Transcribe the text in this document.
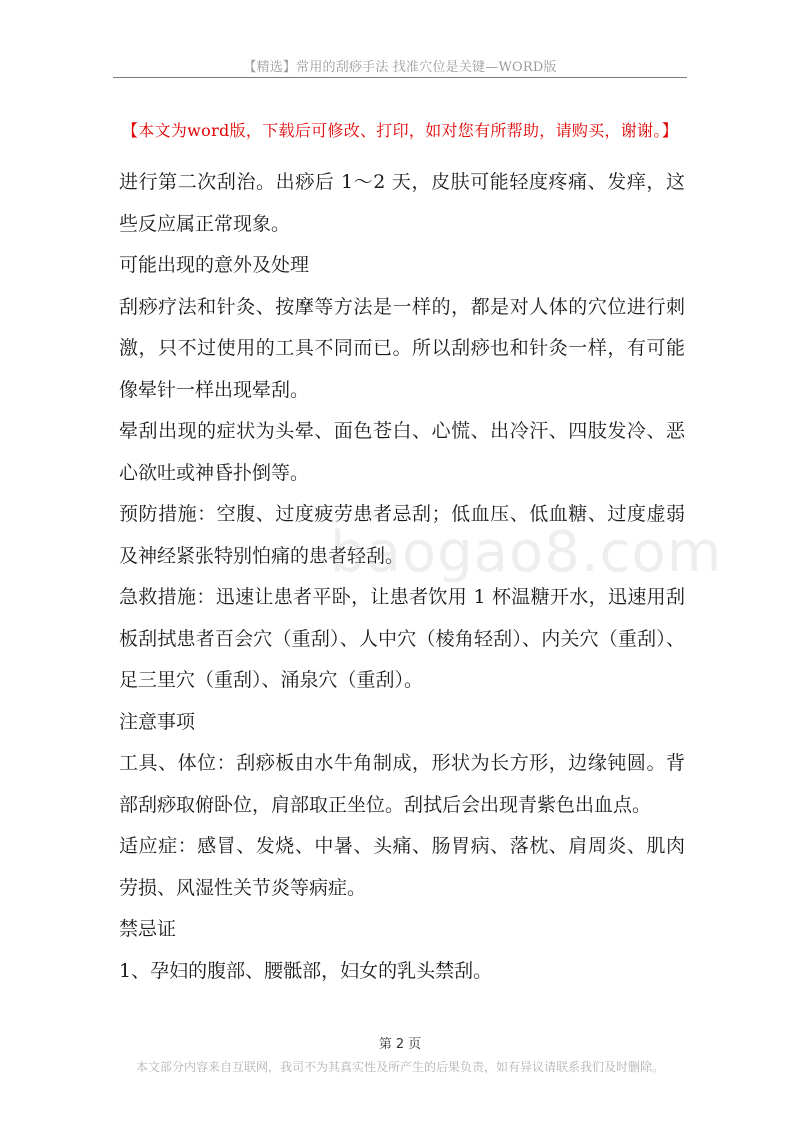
【精选】常用的刮痧手法 找准穴位是关键—WORD版
【本文为word版，下载后可修改、打印，如对您有所帮助，请购买，谢谢。】

进行第二次刮治。出痧后 1～2 天，皮肤可能轻度疼痛、发痒，这些反应属正常现象。

可能出现的意外及处理

刮痧疗法和针灸、按摩等方法是一样的，都是对人体的穴位进行刺激，只不过使用的工具不同而已。所以刮痧也和针灸一样，有可能像晕针一样出现晕刮。

晕刮出现的症状为头晕、面色苍白、心慌、出冷汗、四肢发冷、恶心欲吐或神昏扑倒等。

预防措施：空腹、过度疲劳患者忌刮；低血压、低血糖、过度虚弱及神经紧张特别怕痛的患者轻刮。

急救措施：迅速让患者平卧，让患者饮用 1 杯温糖开水，迅速用刮板刮拭患者百会穴（重刮）、人中穴（棱角轻刮）、内关穴（重刮）、足三里穴（重刮）、涌泉穴（重刮）。

注意事项

工具、体位：刮痧板由水牛角制成，形状为长方形，边缘钝圆。背部刮痧取俯卧位，肩部取正坐位。刮拭后会出现青紫色出血点。

适应症：感冒、发烧、中暑、头痛、肠胃病、落枕、肩周炎、肌肉劳损、风湿性关节炎等病症。

禁忌证

1、孕妇的腹部、腰骶部，妇女的乳头禁刮。

baogao8.com
第 2 页
本文部分内容来自互联网，我司不为其真实性及所产生的后果负责，如有异议请联系我们及时删除。
